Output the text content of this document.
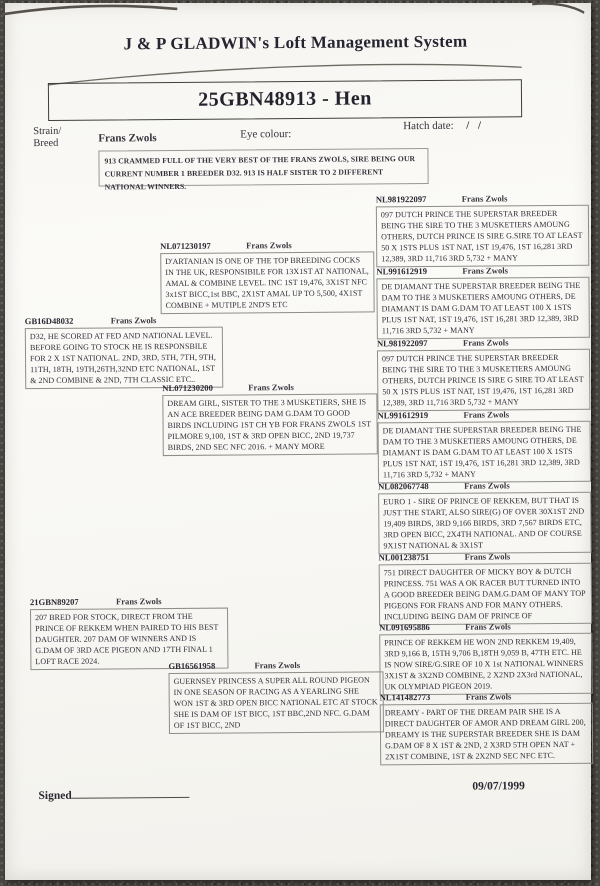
J & P GLADWIN's Loft Management System
25GBN48913 - Hen
Strain/
Breed	Frans Zwols	Eye colour:
Hatch date: / /
913 CRAMMED FULL OF THE VERY BEST OF THE FRANS ZWOLS, SIRE BEING OUR CURRENT NUMBER 1 BREEDER D32. 913 IS HALF SISTER TO 2 DIFFERENT NATIONAL WINNERS.
NL071230197	Frans Zwols
D'ARTANIAN IS ONE OF THE TOP BREEDING COCKS IN THE UK, RESPONSIBILE FOR 13X1ST AT NATIONAL, AMAL & COMBINE LEVEL. INC 1ST 19,476, 3X1ST NFC 3x1ST BICC,1st BBC, 2X1ST AMAL UP TO 5,500, 4X1ST COMBINE + MUTIPLE 2ND'S ETC
GB16D48032	Frans Zwols
D32, HE SCORED AT FED AND NATIONAL LEVEL. BEFORE GOING TO STOCK HE IS RESPONSBILE FOR 2 X 1ST NATIONAL. 2ND, 3RD, 5TH, 7TH, 9TH, 11TH, 18TH, 19TH,26TH,32ND ETC NATIONAL, 1ST & 2ND COMBINE & 2ND, 7TH CLASSIC ETC..
NL071230200	Frans Zwols
DREAM GIRL, SISTER TO THE 3 MUSKETIERS, SHE IS AN ACE BREEDER BEING DAM G.DAM TO GOOD BIRDS INCLUDING 1ST CH YB FOR FRANS ZWOLS 1ST PILMORE 9,100, 1ST & 3RD OPEN BICC, 2ND 19,737 BIRDS, 2ND SEC NFC 2016. + MANY MORE
21GBN89207	Frans Zwols
207 BRED FOR STOCK, DIRECT FROM THE PRINCE OF REKKEM WHEN PAIRED TO HIS BEST DAUGHTER. 207 DAM OF WINNERS AND IS G.DAM OF 3RD ACE PIGEON AND 17TH FINAL 1 LOFT RACE 2024.	GB16561958	Frans Zwols
GUERNSEY PRINCESS A SUPER ALL ROUND PIGEON IN ONE SEASON OF RACING AS A YEARLING SHE WON 1ST & 3RD OPEN BICC NATIONAL ETC AT STOCK SHE IS DAM OF 1ST BICC, 1ST BBC,2ND NFC. G.DAM OF 1ST BICC, 2ND
NL981922097	Frans Zwols
097 DUTCH PRINCE THE SUPERSTAR BREEDER BEING THE SIRE TO THE 3 MUSKETIERS AMOUNG OTHERS, DUTCH PRINCE IS SIRE G.SIRE TO AT LEAST 50 X 1STS PLUS 1ST NAT, 1ST 19,476, 1ST 16,281 3RD 12,389, 3RD 11,716 3RD 5,732 + MANY
NL991612919	Frans Zwols
DE DIAMANT THE SUPERSTAR BREEDER BEING THE DAM TO THE 3 MUSKETIERS AMOUNG OTHERS, DE DIAMANT IS DAM G.DAM TO AT LEAST 100 X 1STS PLUS 1ST NAT, 1ST 19,476, 1ST 16,281 3RD 12,389, 3RD 11,716 3RD 5,732 + MANY
NL981922097	Frans Zwols
097 DUTCH PRINCE THE SUPERSTAR BREEDER BEING THE SIRE TO THE 3 MUSKETIERS AMOUNG OTHERS, DUTCH PRINCE IS SIRE G SIRE TO AT LEAST 50 X 1STS PLUS 1ST NAT, 1ST 19,476, 1ST 16,281 3RD 12,389, 3RD 11,716 3RD 5,732 + MANY
NL991612919	Frans Zwols
DE DIAMANT THE SUPERSTAR BREEDER BEING THE DAM TO THE 3 MUSKETIERS AMOUNG OTHERS, DE DIAMANT IS DAM G.DAM TO AT LEAST 100 X 1STS PLUS 1ST NAT, 1ST 19,476, 1ST 16,281 3RD 12,389, 3RD 11,716 3RD 5,732 + MANY
NL082067748	Frans Zwols
EURO 1 - SIRE OF PRINCE OF REKKEM, BUT THAT IS JUST THE START, ALSO SIRE(G) OF OVER 30X1ST 2ND 19,409 BIRDS, 3RD 9,166 BIRDS, 3RD 7,567 BIRDS ETC, 3RD OPEN BICC, 2X4TH NATIONAL. AND OF COURSE 9X1ST NATIONAL & 3X1ST
NL001238751	Frans Zwols
751 DIRECT DAUGHTER OF MICKY BOY & DUTCH PRINCESS. 751 WAS A OK RACER BUT TURNED INTO A GOOD BREEDER BEING DAM.G.DAM OF MANY TOP PIGEONS FOR FRANS AND FOR MANY OTHERS. INCLUDING BEING DAM OF PRINCE OF
NL091695886	Frans Zwols
PRINCE OF REKKEM HE WON 2ND REKKEM 19,409, 3RD 9,166 B, 15TH 9,706 B,18TH 9,059 B, 47TH ETC. HE IS NOW SIRE/G.SIRE OF 10 X 1st NATIONAL WINNERS 3X1ST & 3X2ND COMBINE, 2 X2ND 2X3rd NATIONAL, UK OLYMPIAD PIGEON 2019.
NL141482773	Frans Zwols
DREAMY - PART OF THE DREAM PAIR SHE IS A DIRECT DAUGHTER OF AMOR AND DREAM GIRL 200, DREAMY IS THE SUPERSTAR BREEDER SHE IS DAM G.DAM OF 8 X 1ST & 2ND, 2 X3RD 5TH OPEN NAT + 2X1ST COMBINE, 1ST & 2X2ND SEC NFC ETC.
Signed
09/07/1999
